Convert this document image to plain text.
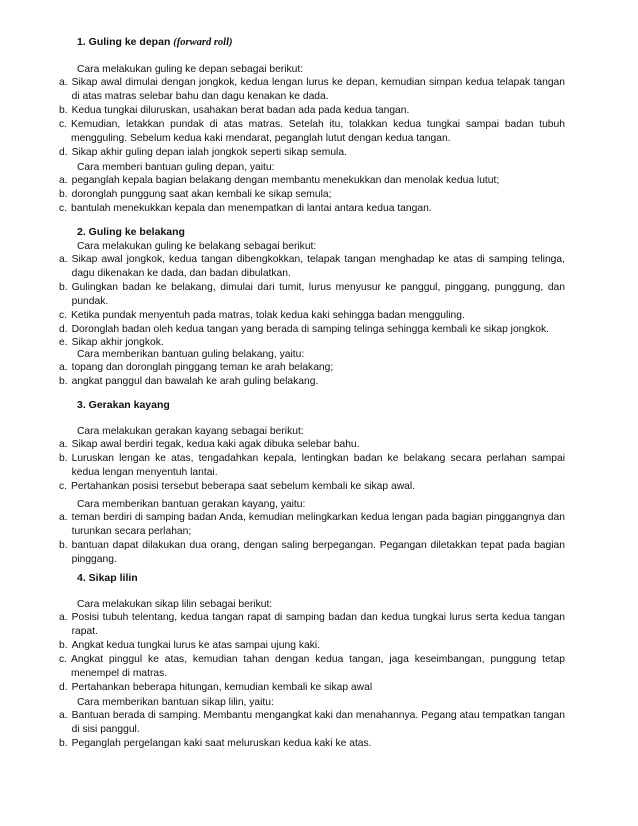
1. Guling ke depan (forward roll)
Cara melakukan guling ke depan sebagai berikut:
a. Sikap awal dimulai dengan jongkok, kedua lengan lurus ke depan, kemudian simpan kedua telapak tangan di atas matras selebar bahu dan dagu kenakan ke dada.
b. Kedua tungkai diluruskan, usahakan berat badan ada pada kedua tangan.
c. Kemudian, letakkan pundak di atas matras. Setelah itu, tolakkan kedua tungkai sampai badan tubuh mengguling. Sebelum kedua kaki mendarat, peganglah lutut dengan kedua tangan.
d. Sikap akhir guling depan ialah jongkok seperti sikap semula.
Cara memberi bantuan guling depan, yaitu:
a. peganglah kepala bagian belakang dengan membantu menekukkan dan menolak kedua lutut;
b. doronglah punggung saat akan kembali ke sikap semula;
c. bantulah menekukkan kepala dan menempatkan di lantai antara kedua tangan.
2. Guling ke belakang
Cara melakukan guling ke belakang sebagai berikut:
a. Sikap awal jongkok, kedua tangan dibengkokkan, telapak tangan menghadap ke atas di samping telinga, dagu dikenakan ke dada, dan badan dibulatkan.
b. Gulingkan badan ke belakang, dimulai dari tumit, lurus menyusur ke panggul, pinggang, punggung, dan pundak.
c. Ketika pundak menyentuh pada matras, tolak kedua kaki sehingga badan mengguling.
d. Doronglah badan oleh kedua tangan yang berada di samping telinga sehingga kembali ke sikap jongkok.
e. Sikap akhir jongkok.
Cara memberikan bantuan guling belakang, yaitu:
a. topang dan doronglah pinggang teman ke arah belakang;
b. angkat panggul dan bawalah ke arah guling belakang.
3. Gerakan kayang
Cara melakukan gerakan kayang sebagai berikut:
a. Sikap awal berdiri tegak, kedua kaki agak dibuka selebar bahu.
b. Luruskan lengan ke atas, tengadahkan kepala, lentingkan badan ke belakang secara perlahan sampai kedua lengan menyentuh lantai.
c. Pertahankan posisi tersebut beberapa saat sebelum kembali ke sikap awal.
Cara memberikan bantuan gerakan kayang, yaitu:
a. teman berdiri di samping badan Anda, kemudian melingkarkan kedua lengan pada bagian pinggangnya dan turunkan secara perlahan;
b. bantuan dapat dilakukan dua orang, dengan saling berpegangan. Pegangan diletakkan tepat pada bagian pinggang.
4. Sikap lilin
Cara melakukan sikap lilin sebagai berikut:
a. Posisi tubuh telentang, kedua tangan rapat di samping badan dan kedua tungkai lurus serta kedua tangan rapat.
b. Angkat kedua tungkai lurus ke atas sampai ujung kaki.
c. Angkat pinggul ke atas, kemudian tahan dengan kedua tangan, jaga keseimbangan, punggung tetap menempel di matras.
d. Pertahankan beberapa hitungan, kemudian kembali ke sikap awal
Cara memberikan bantuan sikap lilin, yaitu:
a. Bantuan berada di samping. Membantu mengangkat kaki dan menahannya. Pegang atau tempatkan tangan di sisi panggul.
b. Peganglah pergelangan kaki saat meluruskan kedua kaki ke atas.
